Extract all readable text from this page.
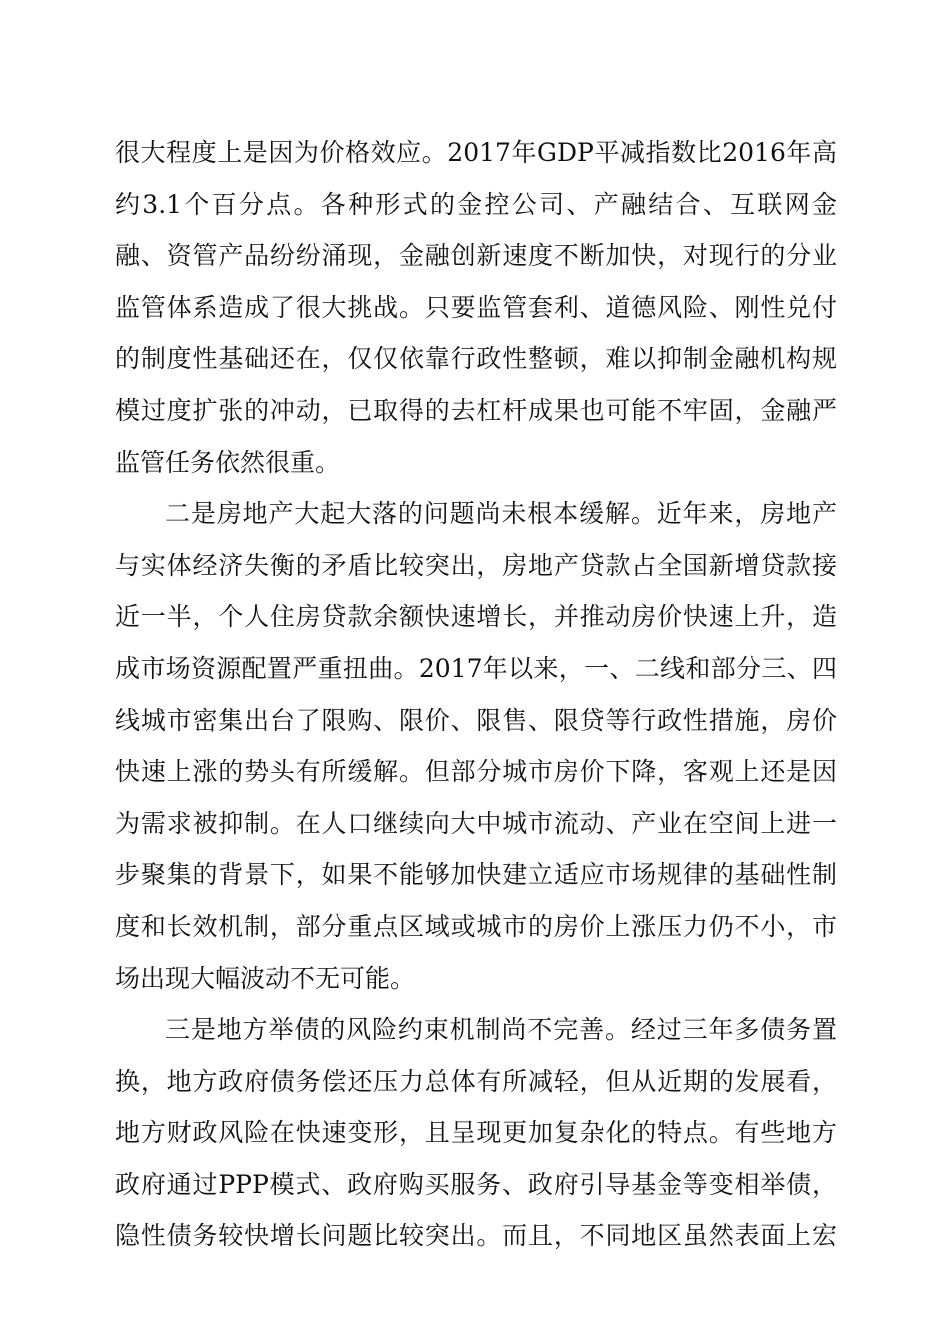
很大程度上是因为价格效应。2017年GDP平减指数比2016年高
约3.1个百分点。各种形式的金控公司、产融结合、互联网金
融、资管产品纷纷涌现，金融创新速度不断加快，对现行的分业
监管体系造成了很大挑战。只要监管套利、道德风险、刚性兑付
的制度性基础还在，仅仅依靠行政性整顿，难以抑制金融机构规
模过度扩张的冲动，已取得的去杠杆成果也可能不牢固，金融严
监管任务依然很重。
二是房地产大起大落的问题尚未根本缓解。近年来，房地产
与实体经济失衡的矛盾比较突出，房地产贷款占全国新增贷款接
近一半，个人住房贷款余额快速增长，并推动房价快速上升，造
成市场资源配置严重扭曲。2017年以来，一、二线和部分三、四
线城市密集出台了限购、限价、限售、限贷等行政性措施，房价
快速上涨的势头有所缓解。但部分城市房价下降，客观上还是因
为需求被抑制。在人口继续向大中城市流动、产业在空间上进一
步聚集的背景下，如果不能够加快建立适应市场规律的基础性制
度和长效机制，部分重点区域或城市的房价上涨压力仍不小，市
场出现大幅波动不无可能。
三是地方举债的风险约束机制尚不完善。经过三年多债务置
换，地方政府债务偿还压力总体有所减轻，但从近期的发展看，
地方财政风险在快速变形，且呈现更加复杂化的特点。有些地方
政府通过PPP模式、政府购买服务、政府引导基金等变相举债，
隐性债务较快增长问题比较突出。而且，不同地区虽然表面上宏
